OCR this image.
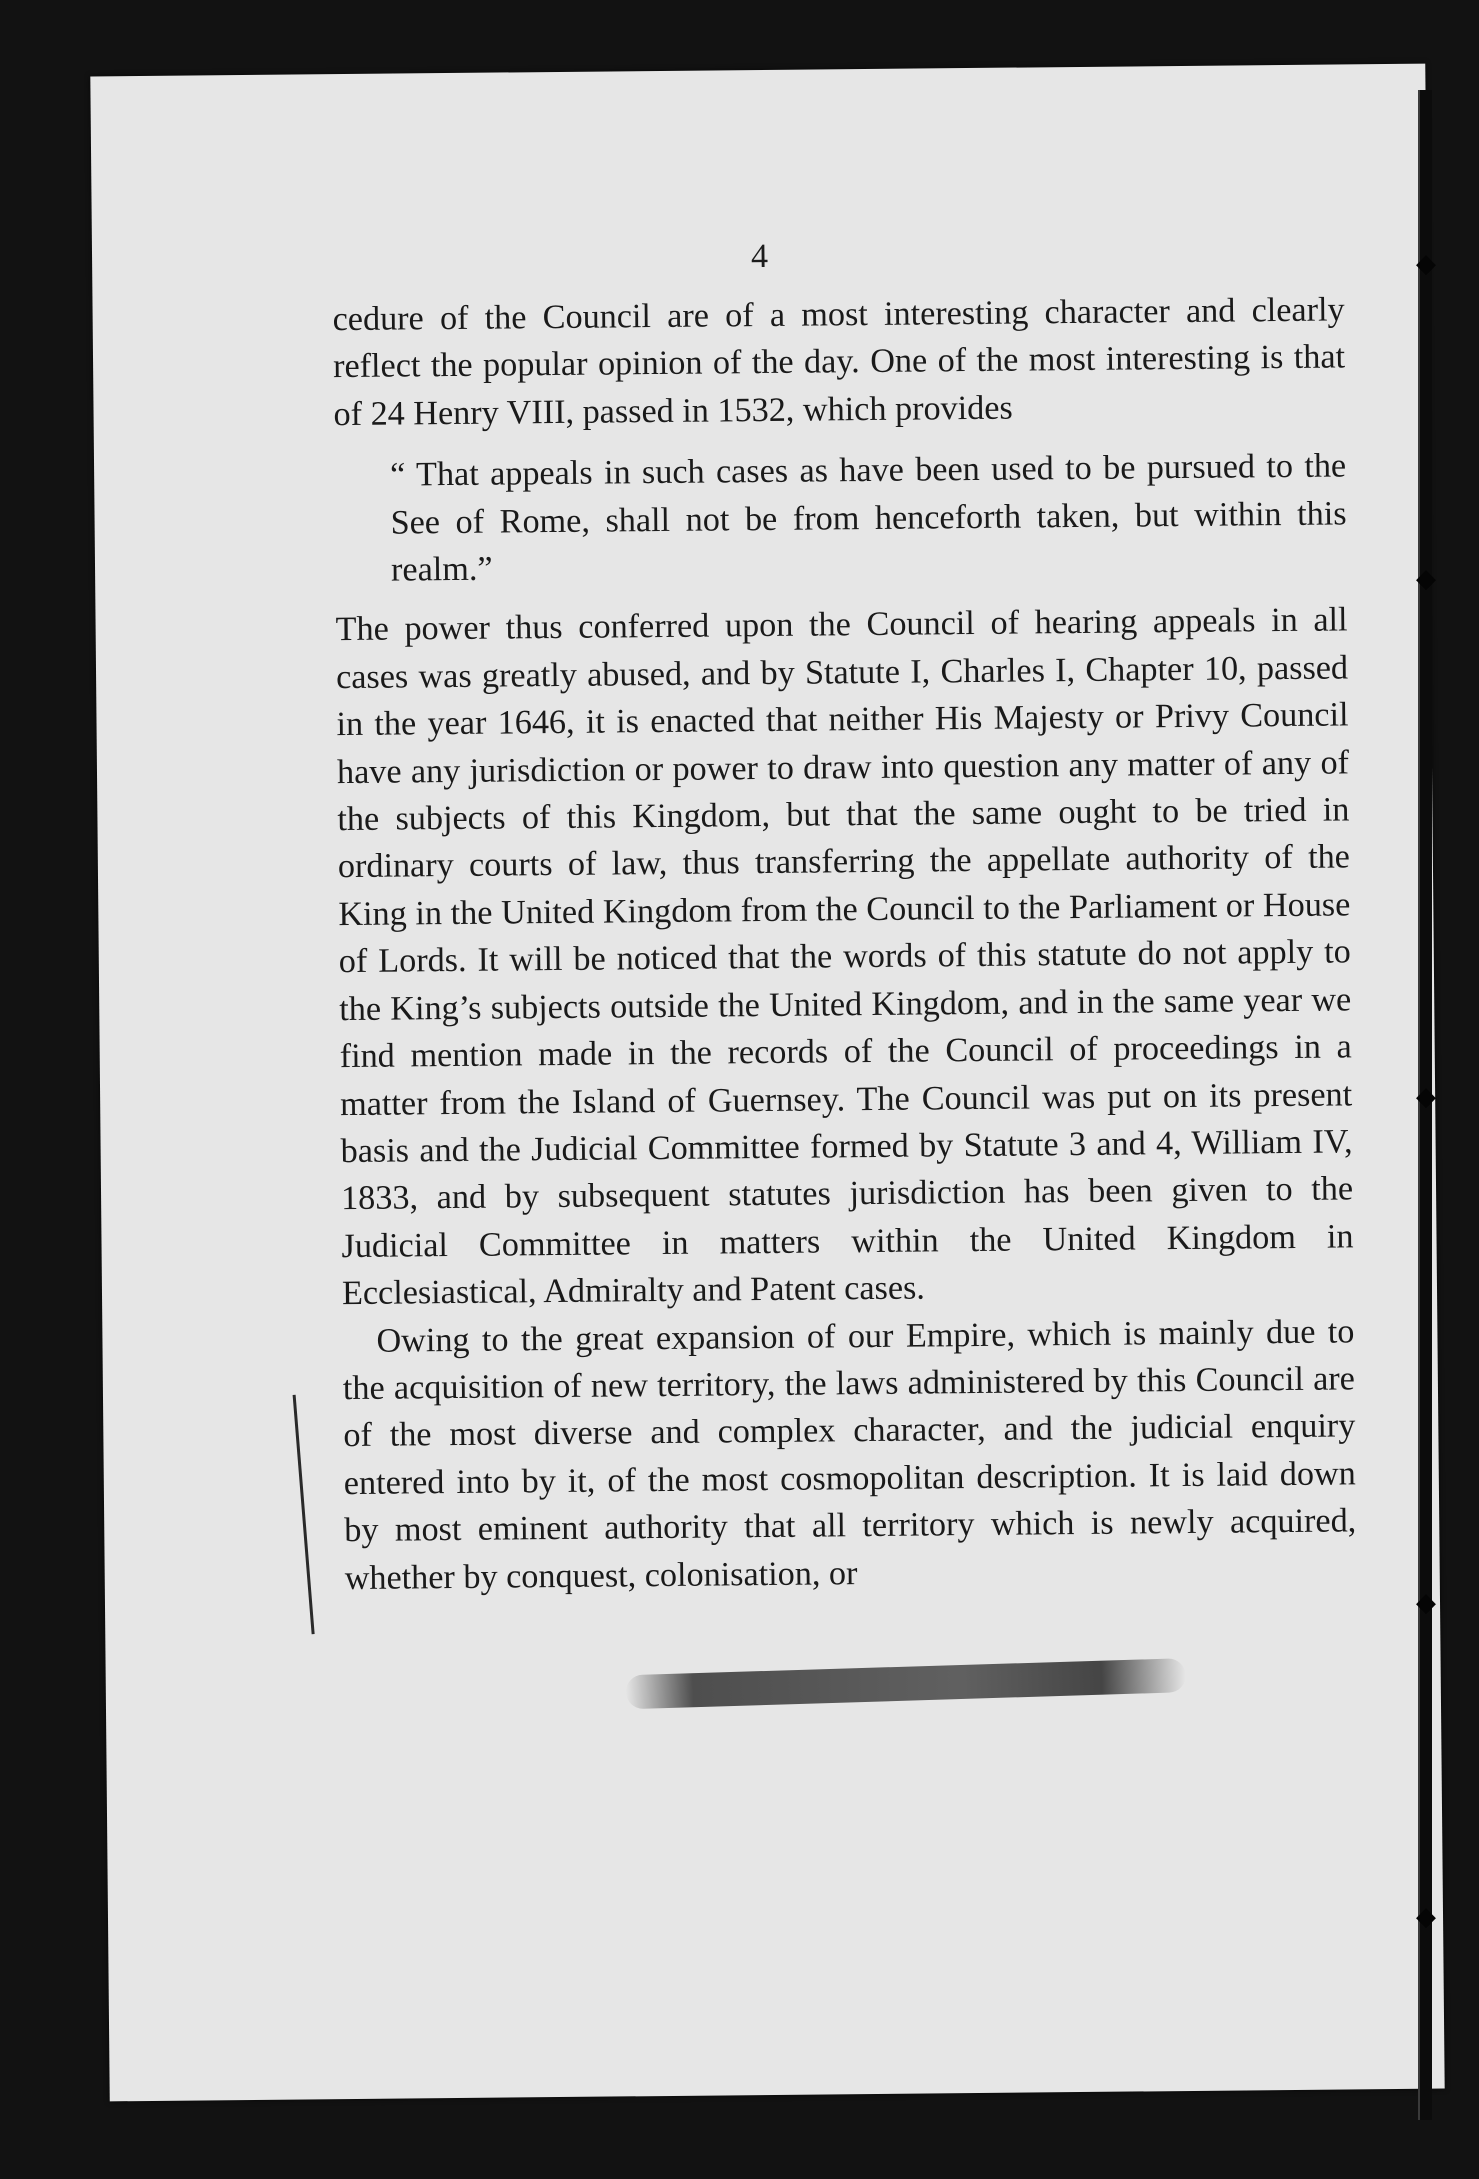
4

cedure of the Council are of a most interesting character and clearly reflect the popular opinion of the day. One of the most interesting is that of 24 Henry VIII, passed in 1532, which provides

“ That appeals in such cases as have been used to be pursued to the See of Rome, shall not be from henceforth taken, but within this realm.”

The power thus conferred upon the Council of hearing appeals in all cases was greatly abused, and by Statute I, Charles I, Chapter 10, passed in the year 1646, it is enacted that neither His Majesty or Privy Council have any jurisdiction or power to draw into question any matter of any of the subjects of this Kingdom, but that the same ought to be tried in ordinary courts of law, thus transferring the appellate authority of the King in the United Kingdom from the Council to the Parliament or House of Lords. It will be noticed that the words of this statute do not apply to the King’s subjects outside the United Kingdom, and in the same year we find mention made in the records of the Council of proceedings in a matter from the Island of Guernsey. The Council was put on its present basis and the Judicial Committee formed by Statute 3 and 4, William IV, 1833, and by subsequent statutes jurisdiction has been given to the Judicial Committee in matters within the United Kingdom in Ecclesiastical, Admiralty and Patent cases.

Owing to the great expansion of our Empire, which is mainly due to the acquisition of new territory, the laws administered by this Council are of the most diverse and complex character, and the judicial enquiry entered into by it, of the most cosmopolitan description. It is laid down by most eminent authority that all territory which is newly acquired, whether by conquest, colonisation, or

◆
◆
◆
◆
◆
